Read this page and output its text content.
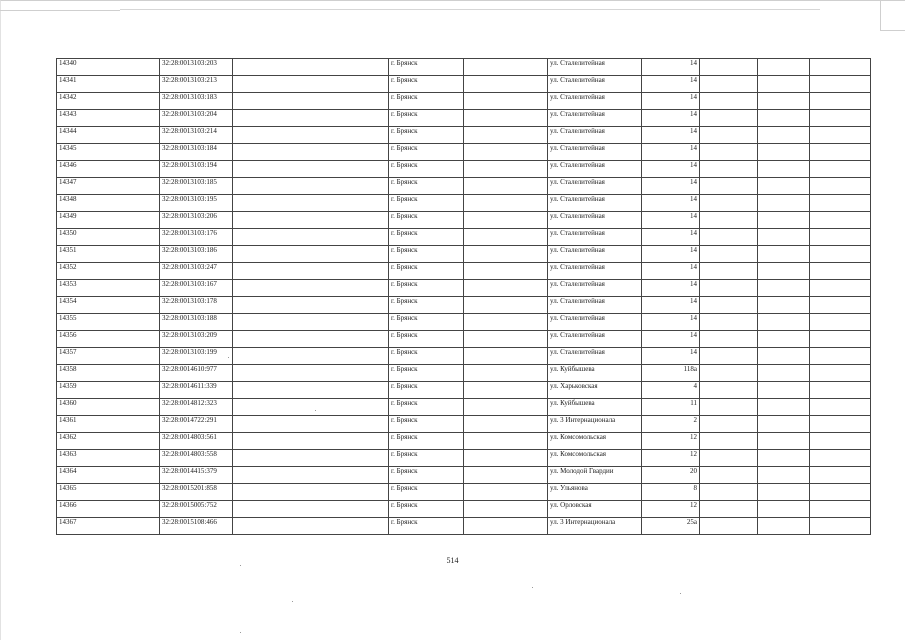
14340	32:28:0013103:203		г. Брянск		ул. Сталелитейная	14			
14341	32:28:0013103:213		г. Брянск		ул. Сталелитейная	14			
14342	32:28:0013103:183		г. Брянск		ул. Сталелитейная	14			
14343	32:28:0013103:204		г. Брянск		ул. Сталелитейная	14			
14344	32:28:0013103:214		г. Брянск		ул. Сталелитейная	14			
14345	32:28:0013103:184		г. Брянск		ул. Сталелитейная	14			
14346	32:28:0013103:194		г. Брянск		ул. Сталелитейная	14			
14347	32:28:0013103:185		г. Брянск		ул. Сталелитейная	14			
14348	32:28:0013103:195		г. Брянск		ул. Сталелитейная	14			
14349	32:28:0013103:206		г. Брянск		ул. Сталелитейная	14			
14350	32:28:0013103:176		г. Брянск		ул. Сталелитейная	14			
14351	32:28:0013103:186		г. Брянск		ул. Сталелитейная	14			
14352	32:28:0013103:247		г. Брянск		ул. Сталелитейная	14			
14353	32:28:0013103:167		г. Брянск		ул. Сталелитейная	14			
14354	32:28:0013103:178		г. Брянск		ул. Сталелитейная	14			
14355	32:28:0013103:188		г. Брянск		ул. Сталелитейная	14			
14356	32:28:0013103:209		г. Брянск		ул. Сталелитейная	14			
14357	32:28:0013103:199		г. Брянск		ул. Сталелитейная	14			
14358	32:28:0014610:977		г. Брянск		ул. Куйбышева	118а			
14359	32:28:0014611:339		г. Брянск		ул. Харьковская	4			
14360	32:28:0014812:323		г. Брянск		ул. Куйбышева	11			
14361	32:28:0014722:291		г. Брянск		ул. 3 Интернационала	2			
14362	32:28:0014803:561		г. Брянск		ул. Комсомольская	12			
14363	32:28:0014803:558		г. Брянск		ул. Комсомольская	12			
14364	32:28:0014415:379		г. Брянск		ул. Молодой Гвардии	20			
14365	32:28:0015201:858		г. Брянск		ул. Ульянова	8			
14366	32:28:0015005:752		г. Брянск		ул. Орловская	12			
14367	32:28:0015108:466		г. Брянск		ул. 3 Интернационала	25а			
514
